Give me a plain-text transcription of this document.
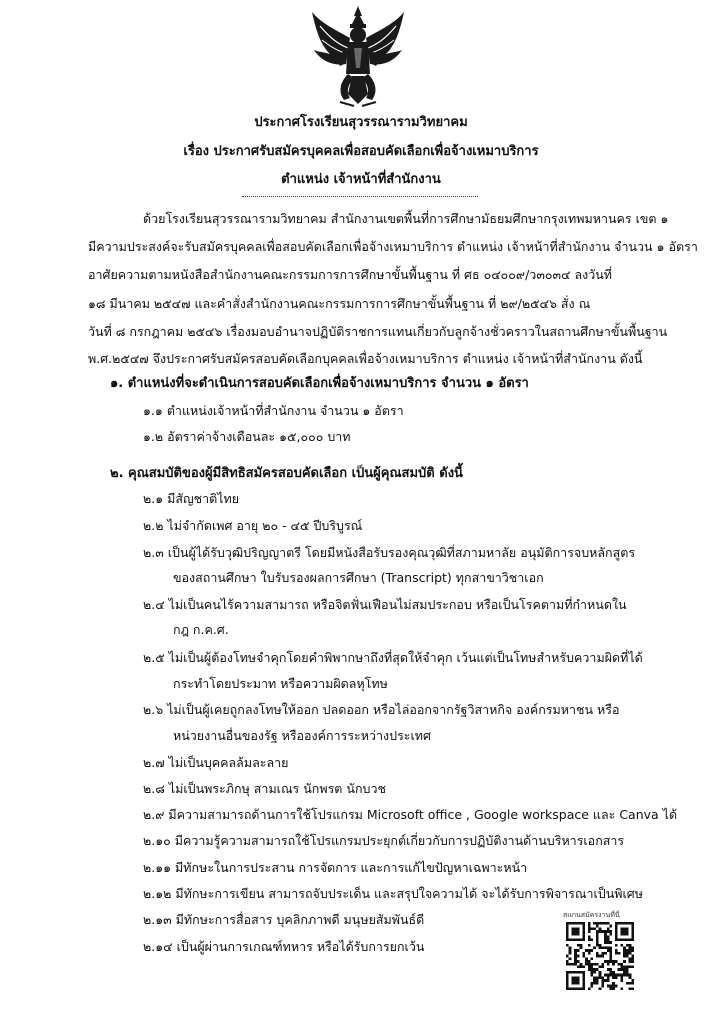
ประกาศโรงเรียนสุวรรณารามวิทยาคม
เรื่อง ประกาศรับสมัครบุคคลเพื่อสอบคัดเลือกเพื่อจ้างเหมาบริการ
ตำแหน่ง เจ้าหน้าที่สำนักงาน
ด้วยโรงเรียนสุวรรณารามวิทยาคม สำนักงานเขตพื้นที่การศึกษามัธยมศึกษากรุงเทพมหานคร เขต ๑
มีความประสงค์จะรับสมัครบุคคลเพื่อสอบคัดเลือกเพื่อจ้างเหมาบริการ ตำแหน่ง เจ้าหน้าที่สำนักงาน จำนวน ๑ อัตรา
อาศัยความตามหนังสือสำนักงานคณะกรรมการการศึกษาขั้นพื้นฐาน ที่ ศธ ๐๔๐๐๙/ว๓๐๓๔ ลงวันที่
๑๘ มีนาคม ๒๕๔๗ และคำสั่งสำนักงานคณะกรรมการการศึกษาขั้นพื้นฐาน ที่ ๒๙/๒๕๔๖ สั่ง ณ
วันที่ ๘ กรกฎาคม ๒๕๔๖ เรื่องมอบอำนาจปฏิบัติราชการแทนเกี่ยวกับลูกจ้างชั่วคราวในสถานศึกษาขั้นพื้นฐาน
พ.ศ.๒๕๔๗ จึงประกาศรับสมัครสอบคัดเลือกบุคคลเพื่อจ้างเหมาบริการ ตำแหน่ง เจ้าหน้าที่สำนักงาน ดังนี้
๑. ตำแหน่งที่จะดำเนินการสอบคัดเลือกเพื่อจ้างเหมาบริการ จำนวน ๑ อัตรา
๑.๑ ตำแหน่งเจ้าหน้าที่สำนักงาน จำนวน ๑ อัตรา
๑.๒ อัตราค่าจ้างเดือนละ ๑๕,๐๐๐ บาท
๒. คุณสมบัติของผู้มีสิทธิสมัครสอบคัดเลือก เป็นผู้คุณสมบัติ ดังนี้
๒.๑ มีสัญชาติไทย
๒.๒ ไม่จำกัดเพศ อายุ ๒๐ - ๔๕ ปีบริบูรณ์
๒.๓ เป็นผู้ได้รับวุฒิปริญญาตรี โดยมีหนังสือรับรองคุณวุฒิที่สภามหาลัย อนุมัติการจบหลักสูตร
ของสถานศึกษา ใบรับรองผลการศึกษา (Transcript) ทุกสาขาวิชาเอก
๒.๔ ไม่เป็นคนไร้ความสามารถ หรือจิตฟั่นเฟือนไม่สมประกอบ หรือเป็นโรคตามที่กำหนดใน
กฎ ก.ค.ศ.
๒.๕ ไม่เป็นผู้ต้องโทษจำคุกโดยคำพิพากษาถึงที่สุดให้จำคุก เว้นแต่เป็นโทษสำหรับความผิดที่ได้
กระทำโดยประมาท หรือความผิดลหุโทษ
๒.๖ ไม่เป็นผู้เคยถูกลงโทษให้ออก ปลดออก หรือไล่ออกจากรัฐวิสาหกิจ องค์กรมหาชน หรือ
หน่วยงานอื่นของรัฐ หรือองค์การระหว่างประเทศ
๒.๗ ไม่เป็นบุคคลล้มละลาย
๒.๘ ไม่เป็นพระภิกษุ สามเณร นักพรต นักบวช
๒.๙ มีความสามารถด้านการใช้โปรแกรม Microsoft office , Google workspace และ Canva ได้
๒.๑๐ มีความรู้ความสามารถใช้โปรแกรมประยุกต์เกี่ยวกับการปฏิบัติงานด้านบริหารเอกสาร
๒.๑๑ มีทักษะในการประสาน การจัดการ และการแก้ไขปัญหาเฉพาะหน้า
๒.๑๒ มีทักษะการเขียน สามารถจับประเด็น และสรุปใจความได้ จะได้รับการพิจารณาเป็นพิเศษ
๒.๑๓ มีทักษะการสื่อสาร บุคลิกภาพดี มนุษยสัมพันธ์ดี
๒.๑๔ เป็นผู้ผ่านการเกณฑ์ทหาร หรือได้รับการยกเว้น
สแกนสมัครงานที่นี่
